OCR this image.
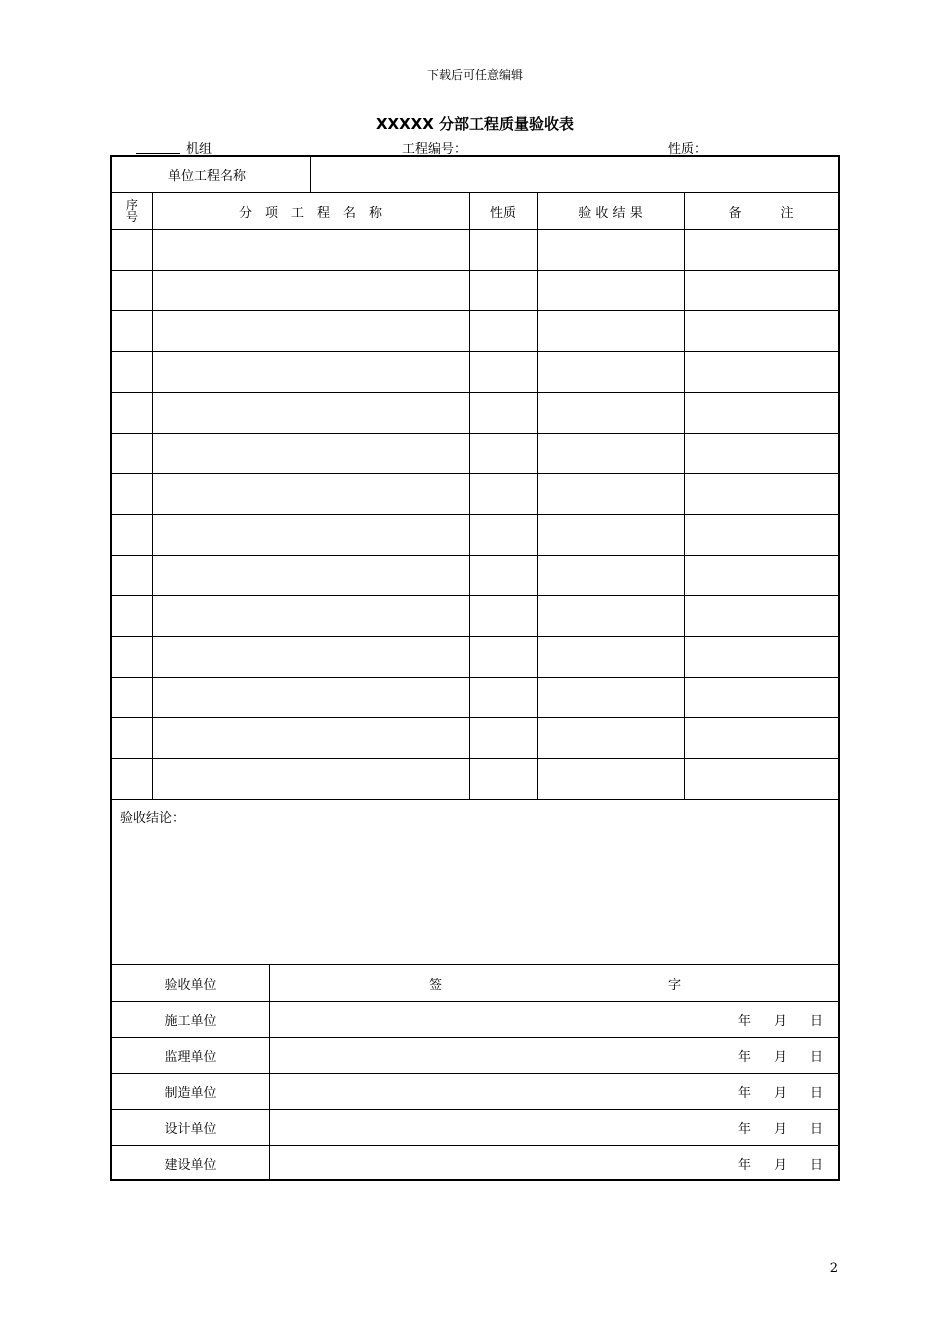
下载后可任意编辑
XXXXX 分部工程质量验收表
机组	工程编号：	性质：
单位工程名称
序号	分　项　工　程　名　称	性质	验 收 结 果	备　　　注
验收结论：
验收单位	签	字
施工单位	年	月	日
监理单位	年	月	日
制造单位	年	月	日
设计单位	年	月	日
建设单位	年	月	日
2
